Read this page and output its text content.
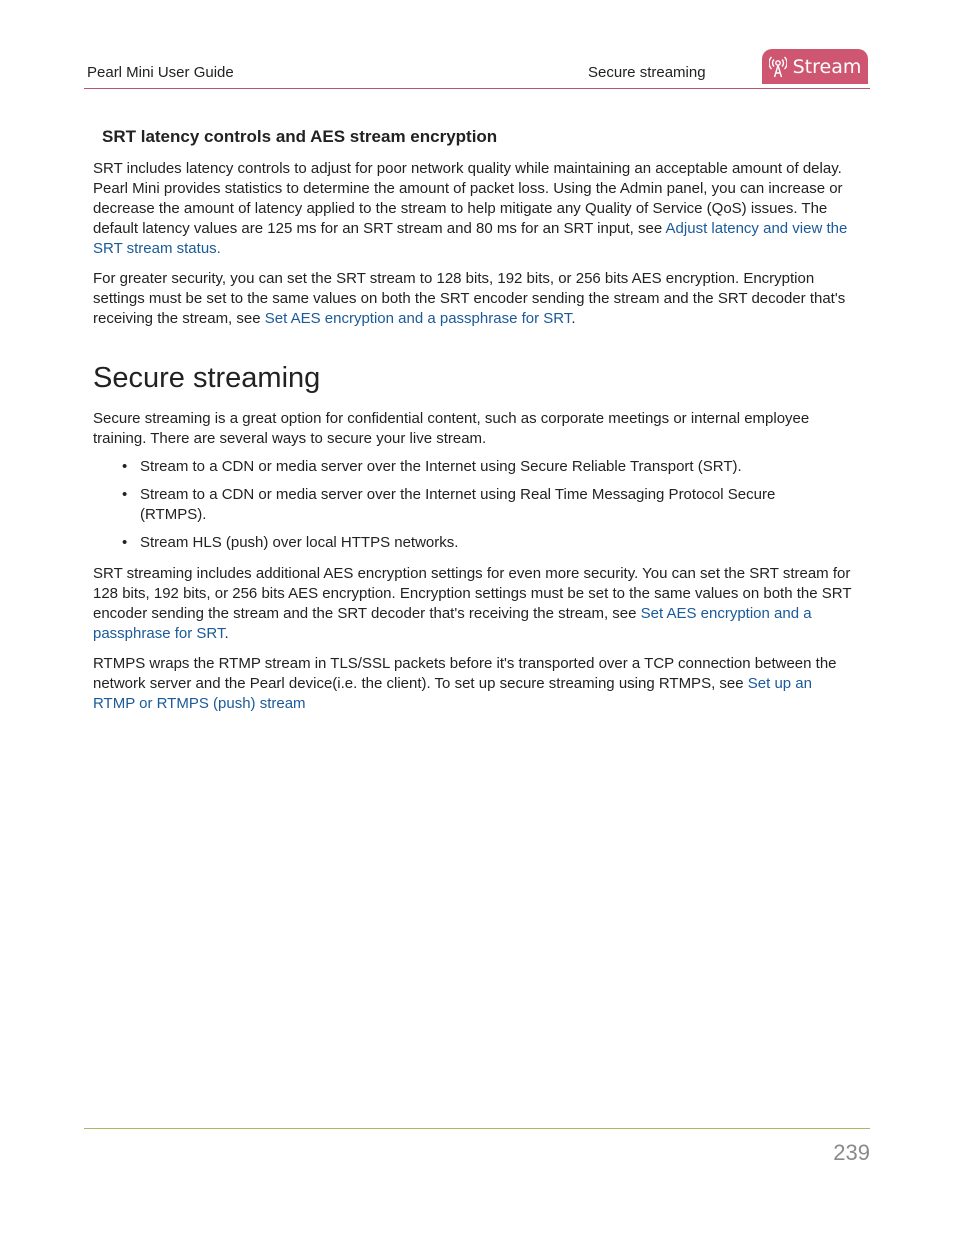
Pearl Mini User Guide	Secure streaming	Stream
SRT latency controls and AES stream encryption

SRT includes latency controls to adjust for poor network quality while maintaining an acceptable amount of delay. Pearl Mini provides statistics to determine the amount of packet loss. Using the Admin panel, you can increase or decrease the amount of latency applied to the stream to help mitigate any Quality of Service (QoS) issues. The default latency values are 125 ms for an SRT stream and 80 ms for an SRT input, see Adjust latency and view the SRT stream status.

For greater security, you can set the SRT stream to 128 bits, 192 bits, or 256 bits AES encryption. Encryption settings must be set to the same values on both the SRT encoder sending the stream and the SRT decoder that's receiving the stream, see Set AES encryption and a passphrase for SRT.

Secure streaming

Secure streaming is a great option for confidential content, such as corporate meetings or internal employee training. There are several ways to secure your live stream.

• Stream to a CDN or media server over the Internet using Secure Reliable Transport (SRT).
• Stream to a CDN or media server over the Internet using Real Time Messaging Protocol Secure (RTMPS).
• Stream HLS (push) over local HTTPS networks.

SRT streaming includes additional AES encryption settings for even more security. You can set the SRT stream for 128 bits, 192 bits, or 256 bits AES encryption. Encryption settings must be set to the same values on both the SRT encoder sending the stream and the SRT decoder that's receiving the stream, see Set AES encryption and a passphrase for SRT.

RTMPS wraps the RTMP stream in TLS/SSL packets before it's transported over a TCP connection between the network server and the Pearl device(i.e. the client). To set up secure streaming using RTMPS, see Set up an RTMP or RTMPS (push) stream

239
